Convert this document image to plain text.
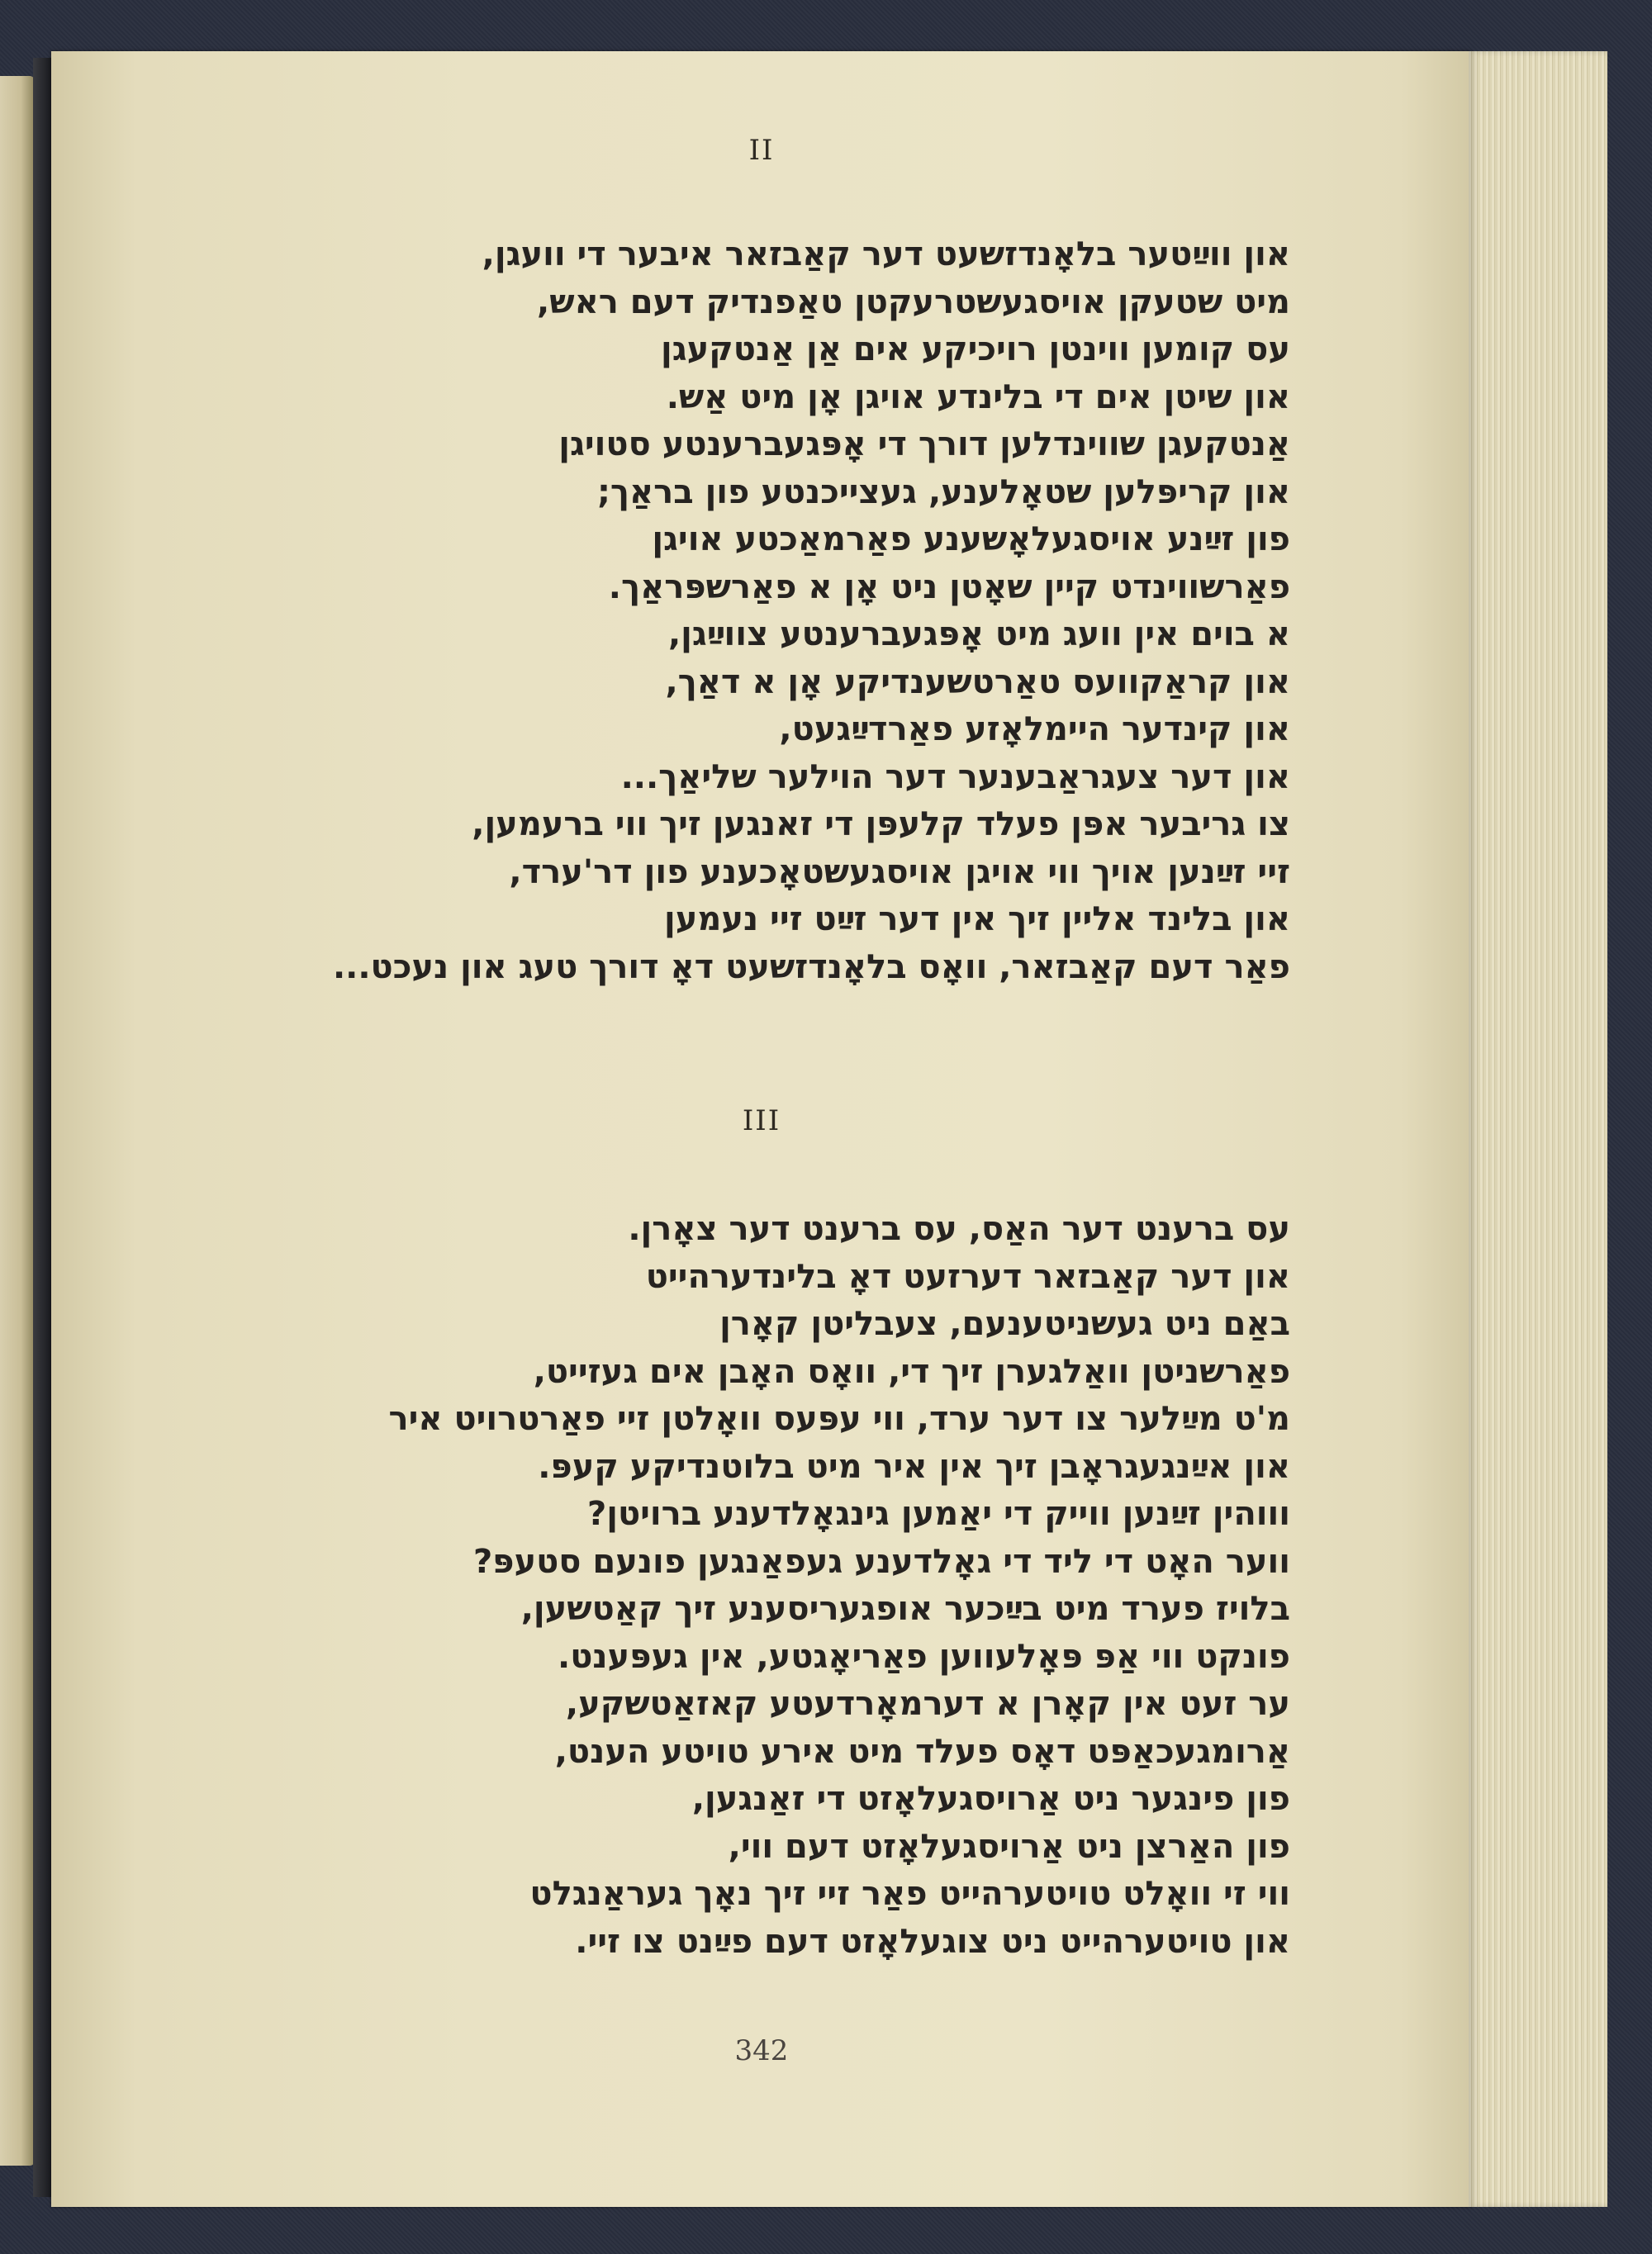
II
און ווײַטער בלאָנדזשעט דער קאַבזאר איבער די וועגן,
מיט שטעקן אויסגעשטרעקטן טאַפנדיק דעם ראש,
עס קומען ווינטן רויכיקע אים אַן אַנטקעגן
און שיטן אים די בלינדע אויגן אָן מיט אַש.
אַנטקעגן שווינדלען דורך די אָפּגעברענטע סטויגן
און קריפּלען שטאָלענע, געצייכנטע פון בראַך;
פון זײַנע אויסגעלאָשענע פאַרמאַכטע אויגן
פאַרשווינדט קיין שאָטן ניט אָן א פאַרשפּראַך.
א בוים אין וועג מיט אָפּגעברענטע צווײַגן,
און קראַקוועס טאַרטשענדיקע אָן א דאַך,
און קינדער היימלאָזע פאַרדײַגעט,
און דער צעגראַבענער דער הוילער שליאַך...
צו גריבער אפּן פעלד קלעפּן די זאנגען זיך ווי ברעמען,
זיי זײַנען אויך ווי אויגן אויסגעשטאָכענע פון דר'ערד,
און בלינד אליין זיך אין דער זײַט זיי נעמען
פאַר דעם קאַבזאר, וואָס בלאָנדזשעט דאָ דורך טעג און נעכט...
III
עס ברענט דער האַס, עס ברענט דער צאָרן.
און דער קאַבזאר דערזעט דאָ בלינדערהייט
באַם ניט געשניטענעם, צעבליטן קאָרן
פאַרשניטן וואַלגערן זיך די, וואָס האָבן אים געזייט,
מ'ט מײַלער צו דער ערד, ווי עפּעס וואָלטן זיי פאַרטרויט איר
און אײַנגעגראָבן זיך אין איר מיט בלוטנדיקע קעפּ.
וווהין זײַנען ווייק די יאַמען גינגאָלדענע ברויטן?
ווער האָט די ליד די גאָלדענע געפאַנגען פונעם סטעפּ?
בלויז פערד מיט בײַכער אופגעריסענע זיך קאַטשען,
פונקט ווי אַפּ פּאָלעווען פאַריאָגטע, אין געפּענט.
ער זעט אין קאָרן א דערמאָרדעטע קאזאַטשקע,
אַרומגעכאַפּט דאָס פעלד מיט אירע טויטע הענט,
פון פינגער ניט אַרויסגעלאָזט די זאַנגען,
פון האַרצן ניט אַרויסגעלאָזט דעם ווי,
ווי זי וואָלט טויטערהייט פאַר זיי זיך נאָך געראַנגלט
און טויטערהייט ניט צוגעלאָזט דעם פײַנט צו זיי.
342
